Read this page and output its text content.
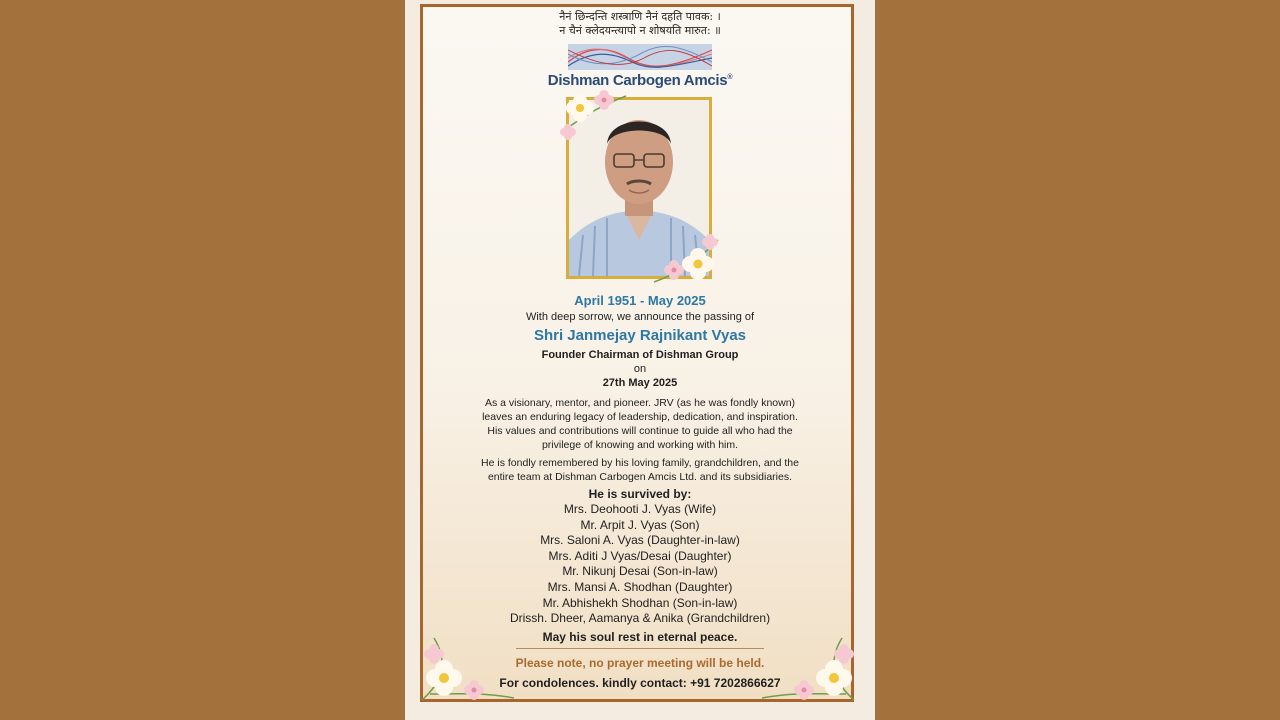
नैनं छिन्दन्ति शस्त्राणि नैनं दहति पावक: ।
न चैनं क्लेदयन्त्यापो न शोषयति मारुत: ॥
Dishman Carbogen Amcis®
April 1951 - May 2025
With deep sorrow, we announce the passing of
Shri Janmejay Rajnikant Vyas
Founder Chairman of Dishman Group
on
27th May 2025
As a visionary, mentor, and pioneer. JRV (as he was fondly known)
leaves an enduring legacy of leadership, dedication, and inspiration.
His values and contributions will continue to guide all who had the
privilege of knowing and working with him.
He is fondly remembered by his loving family, grandchildren, and the
entire team at Dishman Carbogen Amcis Ltd. and its subsidiaries.
He is survived by:
Mrs. Deohooti J. Vyas (Wife)
Mr. Arpit J. Vyas (Son)
Mrs. Saloni A. Vyas (Daughter-in-law)
Mrs. Aditi J Vyas/Desai (Daughter)
Mr. Nikunj Desai (Son-in-law)
Mrs. Mansi A. Shodhan (Daughter)
Mr. Abhishekh Shodhan (Son-in-law)
Drissh. Dheer, Aamanya & Anika (Grandchildren)
May his soul rest in eternal peace.
Please note, no prayer meeting will be held.
For condolences. kindly contact: +91 7202866627
